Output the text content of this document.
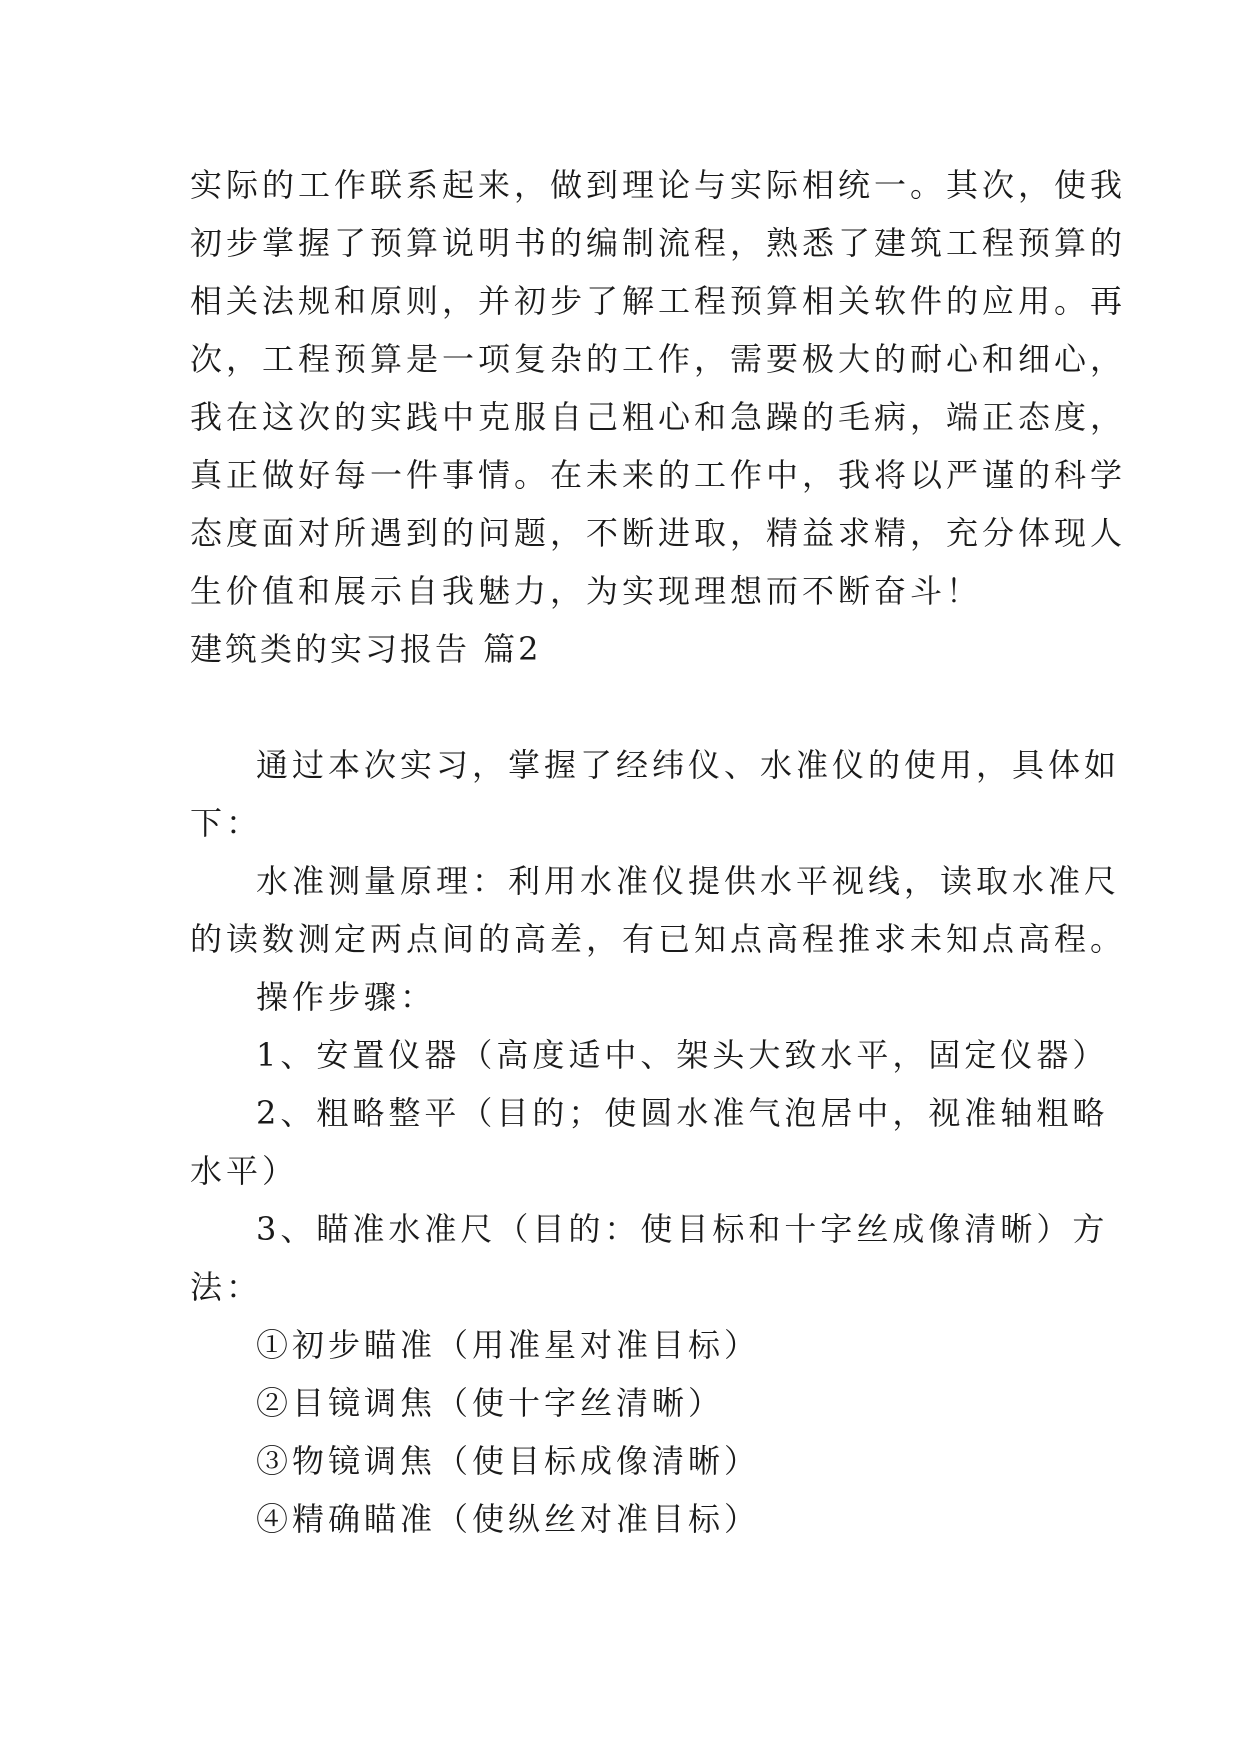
实际的工作联系起来，做到理论与实际相统一。其次，使我
初步掌握了预算说明书的编制流程，熟悉了建筑工程预算的
相关法规和原则，并初步了解工程预算相关软件的应用。再
次，工程预算是一项复杂的工作，需要极大的耐心和细心，
我在这次的实践中克服自己粗心和急躁的毛病，端正态度，
真正做好每一件事情。在未来的工作中，我将以严谨的科学
态度面对所遇到的问题，不断进取，精益求精，充分体现人
生价值和展示自我魅力，为实现理想而不断奋斗！
建筑类的实习报告 篇2
通过本次实习，掌握了经纬仪、水准仪的使用，具体如
下：
水准测量原理：利用水准仪提供水平视线，读取水准尺
的读数测定两点间的高差，有已知点高程推求未知点高程。
操作步骤：
1、安置仪器（高度适中、架头大致水平，固定仪器）
2、粗略整平（目的；使圆水准气泡居中，视准轴粗略
水平）
3、瞄准水准尺（目的：使目标和十字丝成像清晰）方
法：
①初步瞄准（用准星对准目标）
②目镜调焦（使十字丝清晰）
③物镜调焦（使目标成像清晰）
④精确瞄准（使纵丝对准目标）
